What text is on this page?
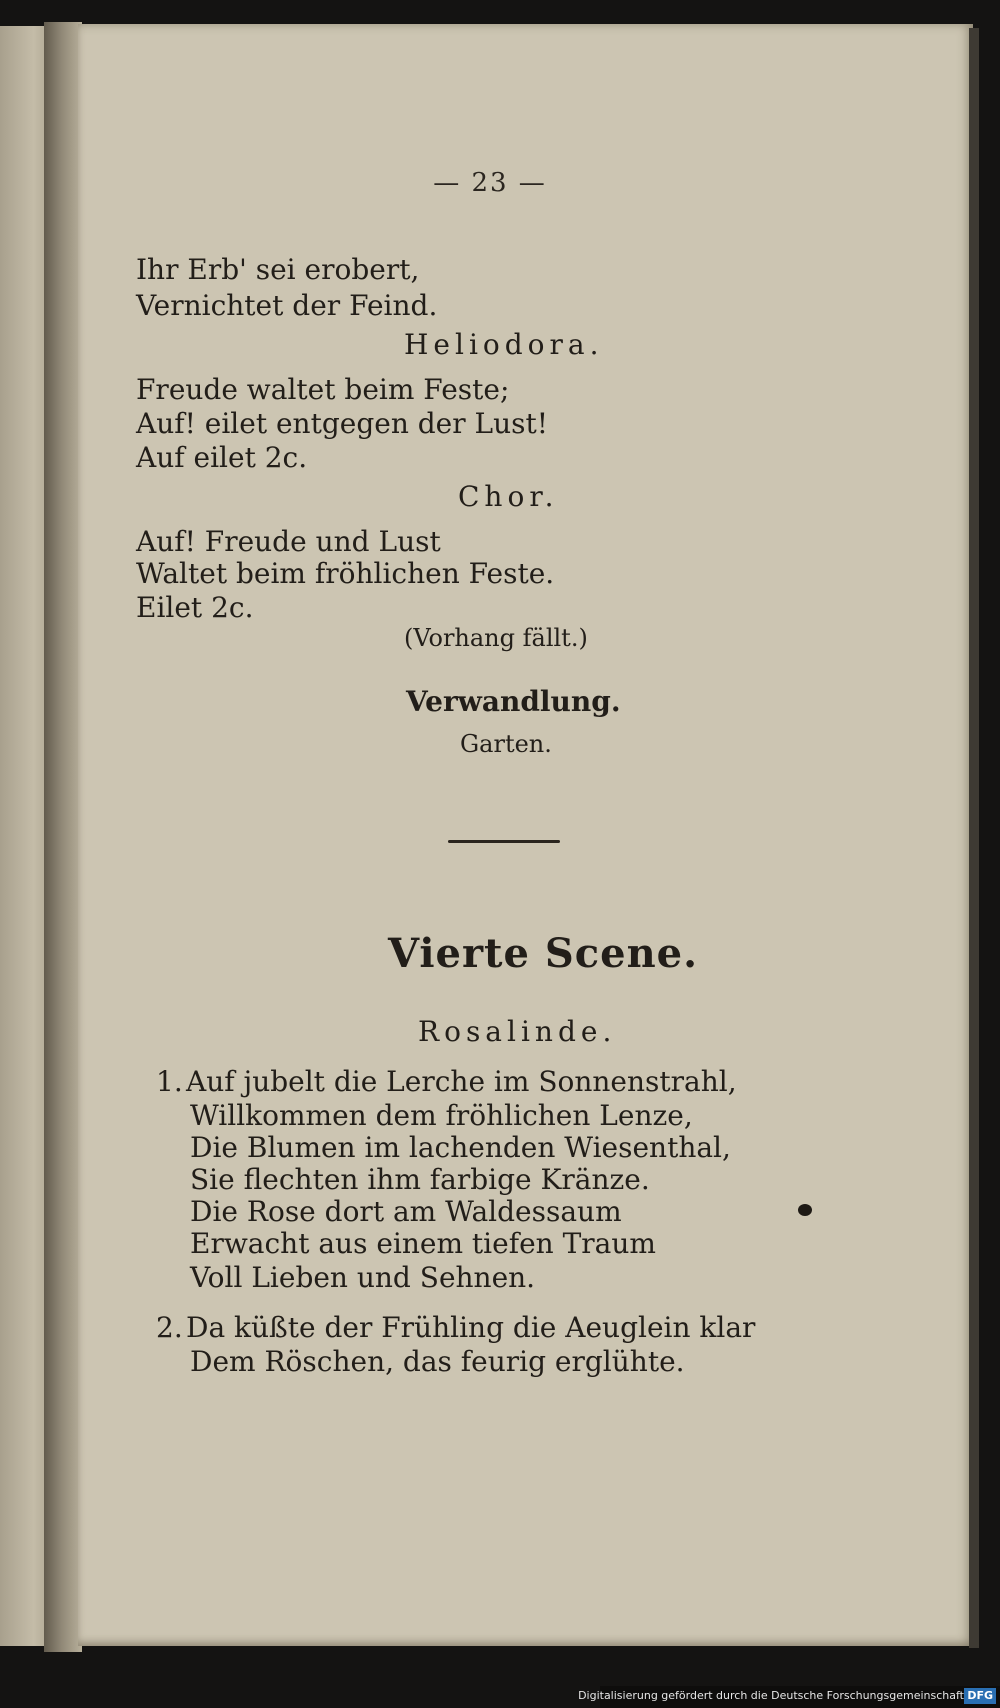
— 23 —
Ihr Erb' sei erobert,
Vernichtet der Feind.
Heliodora.
Freude waltet beim Feste;
Auf! eilet entgegen der Lust!
Auf eilet 2c.
Chor.
Auf! Freude und Lust
Waltet beim fröhlichen Feste.
Eilet 2c.
(Vorhang fällt.)
Verwandlung.
Garten.
Vierte Scene.
Rosalinde.
1. Auf jubelt die Lerche im Sonnenstrahl,
Willkommen dem fröhlichen Lenze,
Die Blumen im lachenden Wiesenthal,
Sie flechten ihm farbige Kränze.
Die Rose dort am Waldessaum
Erwacht aus einem tiefen Traum
Voll Lieben und Sehnen.
2. Da küßte der Frühling die Aeuglein klar
Dem Röschen, das feurig erglühte.
Digitalisierung gefördert durch die Deutsche Forschungsgemeinschaft DFG
